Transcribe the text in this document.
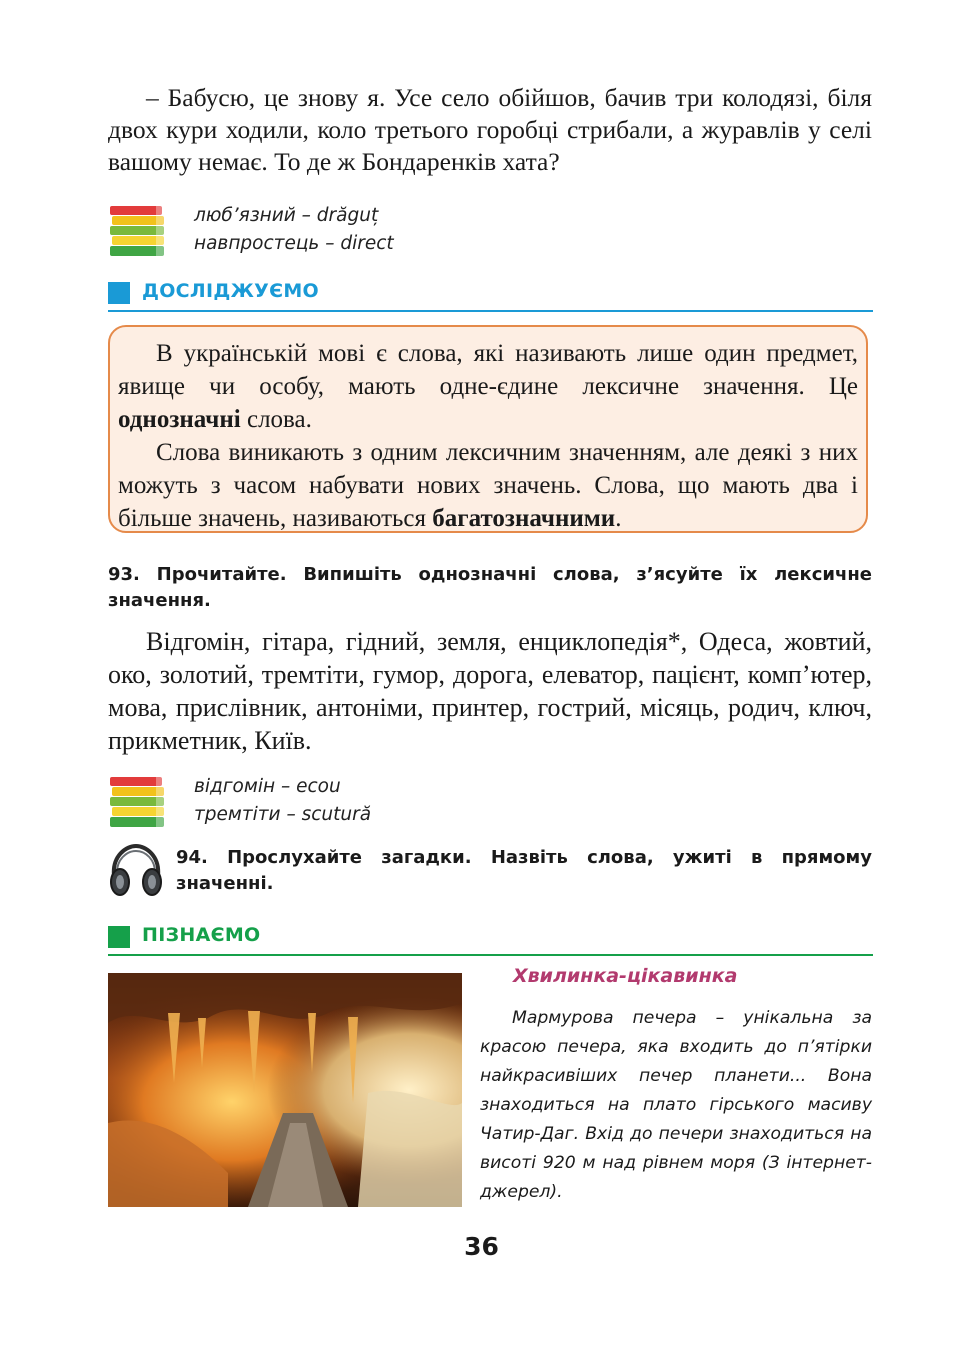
– Бабусю, це знову я. Усе село обійшов, бачив три колодязі, біля двох кури ходили, коло третього горобці стрибали, а журавлів у селі вашому немає. То де ж Бондаренків хата?

люб’язний – drăguț
навпростець – direct
ДОСЛІДЖУЄМО

В українській мові є слова, які називають лише один предмет, явище чи особу, мають одне-єдине лексичне значення. Це однозначні слова.

Слова виникають з одним лексичним значенням, але деякі з них можуть з часом набувати нових значень. Слова, що мають два і більше значень, називаються багатозначними.

93. Прочитайте. Випишіть однозначні слова, з’ясуйте їх лексичне значення.

Відгомін, гітара, гідний, земля, енциклопедія*, Одеса, жовтий, око, золотий, тремтіти, гумор, дорога, елеватор, пацієнт, комп’ютер, мова, прислівник, антоніми, принтер, гострий, місяць, родич, ключ, прикметник, Київ.

відгомін – ecou
тремтіти – scutură

94. Прослухайте загадки. Назвіть слова, ужиті в прямому значенні.

ПІЗНАЄМО
Хвилинка-цікавинка

Мармурова печера – унікальна за красою печера, яка входить до п’ятірки найкрасивіших печер планети... Вона знаходиться на плато гірського масиву Чатир-Даг. Вхід до печери знаходиться на висоті 920 м над рівнем моря (З інтернет-джерел).

36
